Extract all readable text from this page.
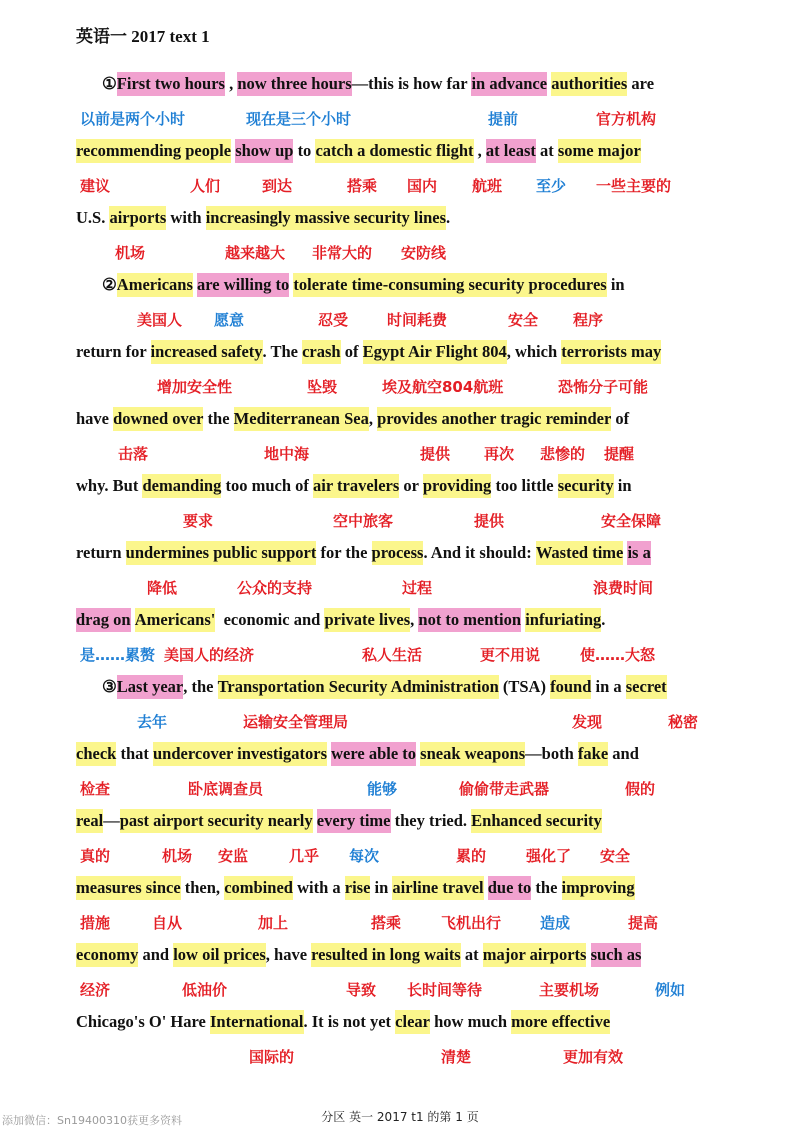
英语一 2017 text 1
①First two hours , now three hours—this is how far in advance authorities are
以前是两个小时	现在是三个小时	提前	官方机构
recommending people show up to catch a domestic flight , at least at some major
建议	人们	到达	搭乘 国内 航班 至少 一些主要的
U.S. airports with increasingly massive security lines.
机场	越来越大 非常大的 安防线
②Americans are willing to tolerate time-consuming security procedures in
美国人 愿意	忍受	时间耗费	安全 程序
return for increased safety. The crash of Egypt Air Flight 804, which terrorists may
增加安全性	坠毁	埃及航空804航班	恐怖分子可能
have downed over the Mediterranean Sea, provides another tragic reminder of
击落	地中海	提供 再次 悲惨的 提醒
why. But demanding too much of air travelers or providing too little security in
要求	空中旅客	提供	安全保障
return undermines public support for the process. And it should: Wasted time is a
降低	公众的支持	过程	浪费时间
drag on Americans'  economic and private lives, not to mention infuriating.
是……累赘 美国人的经济	私人生活	更不用说	使……大怒
③Last year, the Transportation Security Administration (TSA) found in a secret
去年	运输安全管理局	发现	秘密
check that undercover investigators were able to sneak weapons—both fake and
检查	卧底调查员	能够	偷偷带走武器	假的
real—past airport security nearly every time they tried. Enhanced security
真的	机场 安监	几乎 每次	累的	强化了 安全
measures since then, combined with a rise in airline travel due to the improving
措施	自从	加上	搭乘	飞机出行	造成	提高
economy and low oil prices, have resulted in long waits at major airports such as
经济	低油价	导致 长时间等待	主要机场	例如
Chicago's O' Hare International. It is not yet clear how much more effective
国际的	清楚	更加有效
添加微信：Sn19400310获更多资料	分区 英一 2017 t1 的第 1 页
